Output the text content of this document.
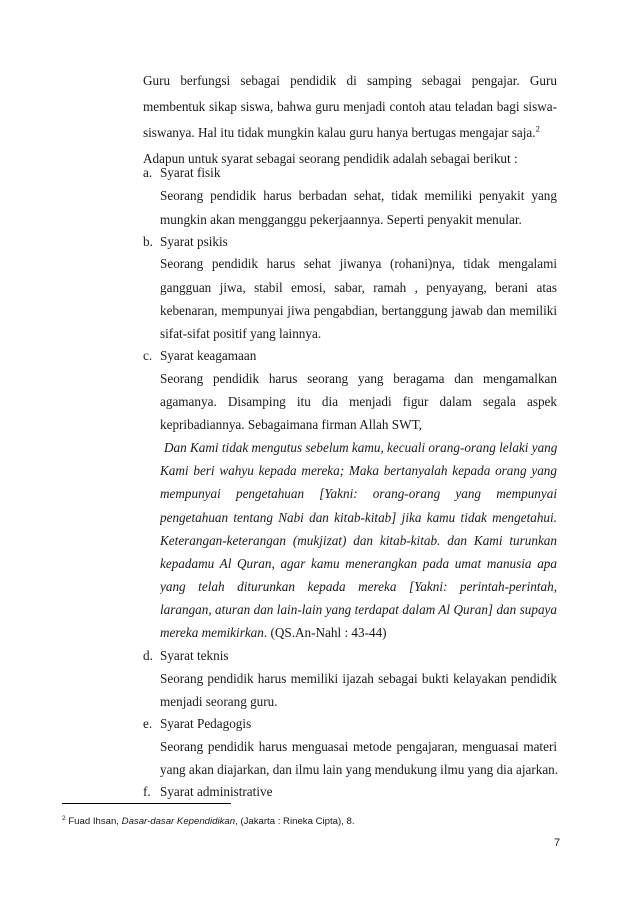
Guru berfungsi sebagai pendidik di samping sebagai pengajar. Guru
membentuk sikap siswa, bahwa guru menjadi contoh atau teladan bagi siswa-
siswanya. Hal itu tidak mungkin kalau guru hanya bertugas mengajar saja.$^2$
Adapun untuk syarat sebagai seorang pendidik adalah sebagai berikut :
a. Syarat fisik
Seorang pendidik harus berbadan sehat, tidak memiliki penyakit yang
mungkin akan mengganggu pekerjaannya. Seperti penyakit menular.
b. Syarat psikis
Seorang pendidik harus sehat jiwanya (rohani)nya, tidak mengalami
gangguan jiwa, stabil emosi, sabar, ramah , penyayang, berani atas
kebenaran, mempunyai jiwa pengabdian, bertanggung jawab dan memiliki
sifat-sifat positif yang lainnya.
c. Syarat keagamaan
Seorang pendidik harus seorang yang beragama dan mengamalkan
agamanya. Disamping itu dia menjadi figur dalam segala aspek
kepribadiannya. Sebagaimana firman Allah SWT,
Dan Kami tidak mengutus sebelum kamu, kecuali orang-orang lelaki yang
Kami beri wahyu kepada mereka; Maka bertanyalah kepada orang yang
mempunyai pengetahuan [Yakni: orang-orang yang mempunyai
pengetahuan tentang Nabi dan kitab-kitab] jika kamu tidak mengetahui.
Keterangan-keterangan (mukjizat) dan kitab-kitab. dan Kami turunkan
kepadamu Al Quran, agar kamu menerangkan pada umat manusia apa
yang telah diturunkan kepada mereka [Yakni: perintah-perintah,
larangan, aturan dan lain-lain yang terdapat dalam Al Quran] dan supaya
mereka memikirkan. (QS.An-Nahl : 43-44)
d. Syarat teknis
Seorang pendidik harus memiliki ijazah sebagai bukti kelayakan pendidik
menjadi seorang guru.
e. Syarat Pedagogis
$^2$ Fuad Ihsan, Dasar-dasar Kependidikan, (Jakarta : Rineka Cipta), 8.
7
Seorang pendidik harus menguasai metode pengajaran, menguasai materi
yang akan diajarkan, dan ilmu lain yang mendukung ilmu yang dia ajarkan.
f. Syarat administrative
